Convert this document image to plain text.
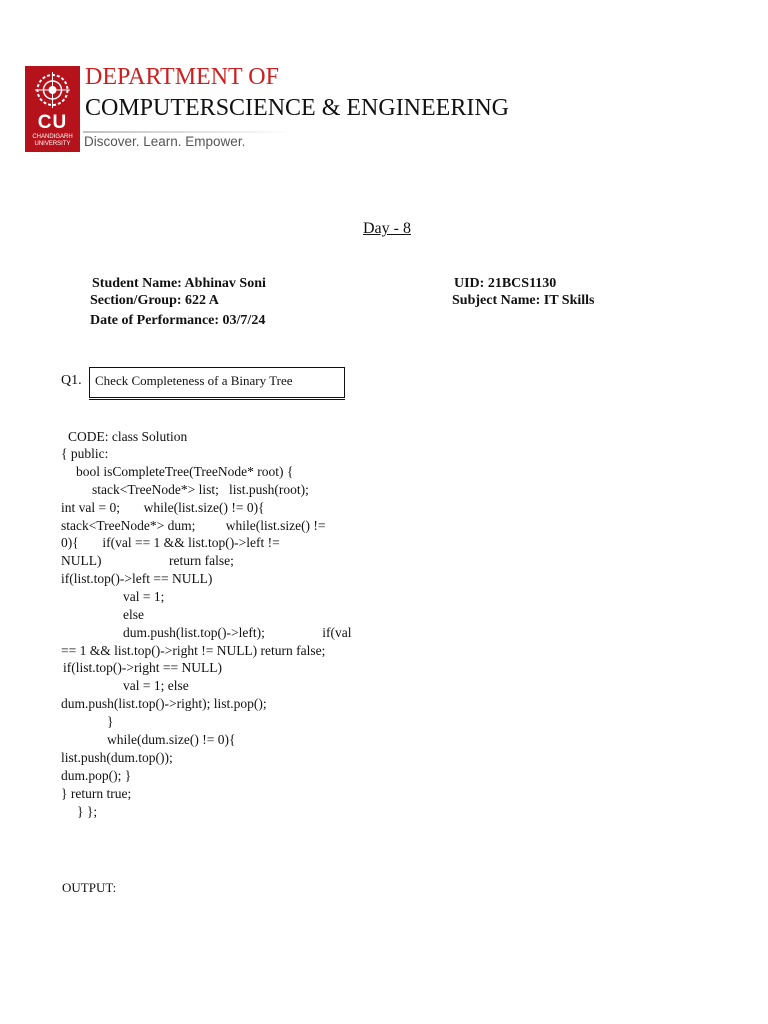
CU
CHANDIGARH
UNIVERSITY
DEPARTMENT OF
COMPUTERSCIENCE & ENGINEERING
Discover. Learn. Empower.
Day - 8
Student Name: Abhinav Soni
Section/Group: 622 A
Date of Performance: 03/7/24
UID: 21BCS1130
Subject Name: IT Skills
Q1. Check Completeness of a Binary Tree
CODE: class Solution
{ public:
bool isCompleteTree(TreeNode* root) {
stack<TreeNode*> list;   list.push(root);
int val = 0;       while(list.size() != 0){
stack<TreeNode*> dum;         while(list.size() !=
0){       if(val == 1 && list.top()->left !=
NULL)                    return false;
if(list.top()->left == NULL)
val = 1;
else
dum.push(list.top()->left);                 if(val
== 1 && list.top()->right != NULL) return false;
if(list.top()->right == NULL)
val = 1; else
dum.push(list.top()->right); list.pop();
}
while(dum.size() != 0){
list.push(dum.top());
dum.pop(); }
} return true;
} };
OUTPUT:
